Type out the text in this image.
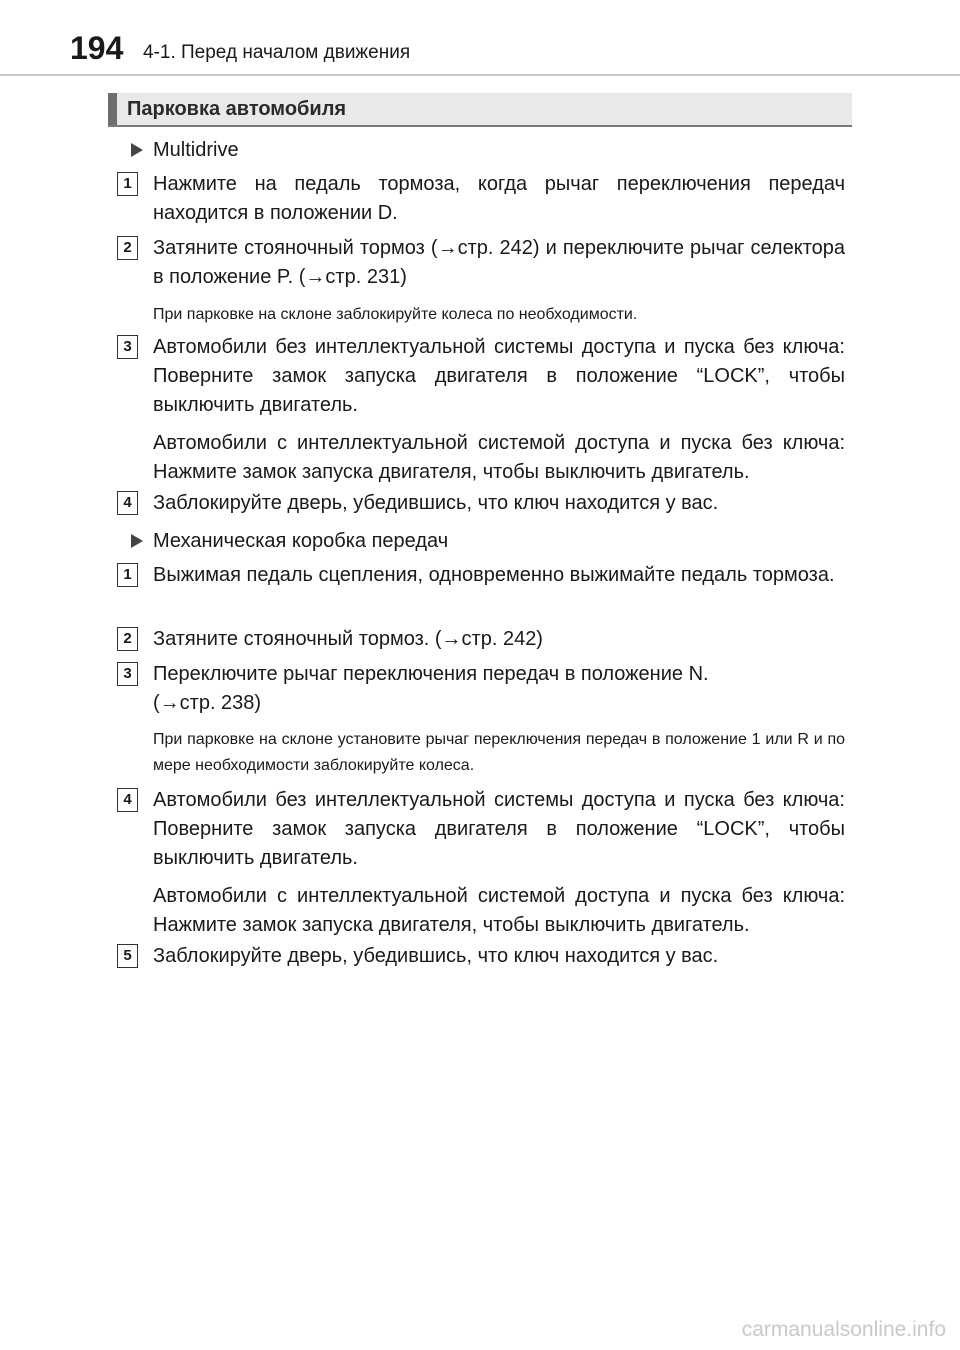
194 4-1. Перед началом движения
Парковка автомобиля
Multidrive
1	Нажмите на педаль тормоза, когда рычаг переключения передач находится в положении D.

2	Затяните стояночный тормоз (→стр. 242) и переключите рычаг селектора в положение P. (→стр. 231)

При парковке на склоне заблокируйте колеса по необходимости.

3	Автомобили без интеллектуальной системы доступа и пуска без ключа: Поверните замок запуска двигателя в положение “LOCK”, чтобы выключить двигатель.

Автомобили с интеллектуальной системой доступа и пуска без ключа: Нажмите замок запуска двигателя, чтобы выключить двигатель.

4	Заблокируйте дверь, убедившись, что ключ находится у вас.

Механическая коробка передач
1	Выжимая педаль сцепления, одновременно выжимайте педаль тормоза.

2	Затяните стояночный тормоз. (→стр. 242)

3	Переключите рычаг переключения передач в положение N.

(→стр. 238)

При парковке на склоне установите рычаг переключения передач в положение 1 или R и по мере необходимости заблокируйте колеса.

4	Автомобили без интеллектуальной системы доступа и пуска без ключа: Поверните замок запуска двигателя в положение “LOCK”, чтобы выключить двигатель.

Автомобили с интеллектуальной системой доступа и пуска без ключа: Нажмите замок запуска двигателя, чтобы выключить двигатель.

5	Заблокируйте дверь, убедившись, что ключ находится у вас.

carmanualsonline.info
